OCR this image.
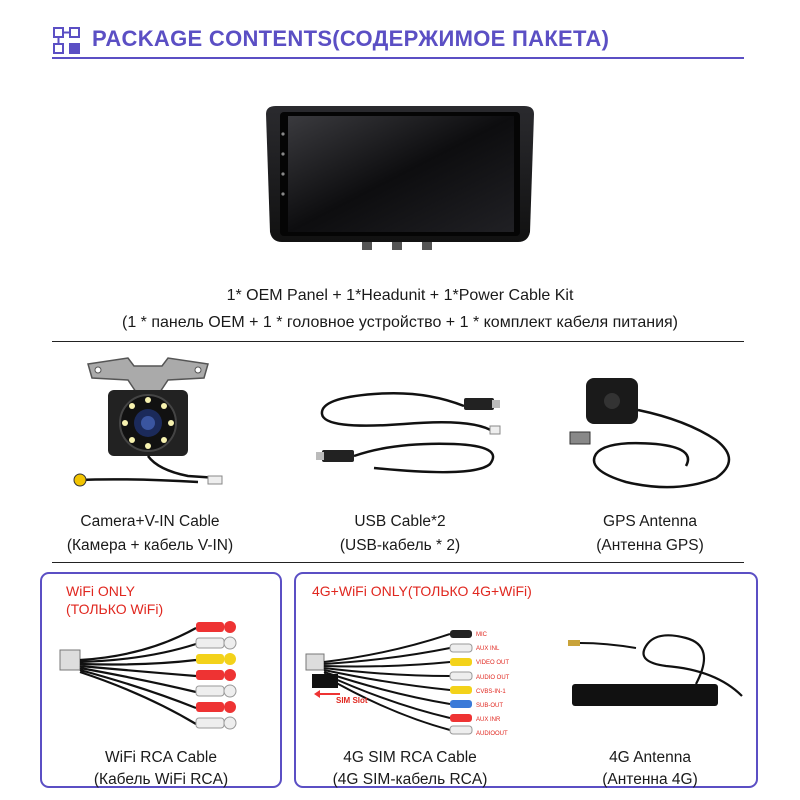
PACKAGE CONTENTS(СОДЕРЖИМОЕ ПАКЕТА)
1* OEM Panel + 1*Headunit + 1*Power Cable Kit
(1 * панель OEM + 1 * головное устройство + 1 * комплект кабеля питания)
Camera+V-IN Cable
(Камера + кабель V-IN)
USB Cable*2
(USB-кабель * 2)
GPS Antenna
(Антенна GPS)
WiFi ONLY
(ТОЛЬКО WiFi)
WiFi RCA Cable
(Кабель WiFi RCA)
4G+WiFi ONLY(ТОЛЬКО 4G+WiFi)
SIM Slot
MIC
AUX INL
VIDEO OUT
AUDIO OUT
CVBS-IN-1
SUB-OUT
AUX INR
AUDIOOUT
4G SIM RCA Cable
(4G SIM-кабель RCA)
4G Antenna
(Антенна 4G)
